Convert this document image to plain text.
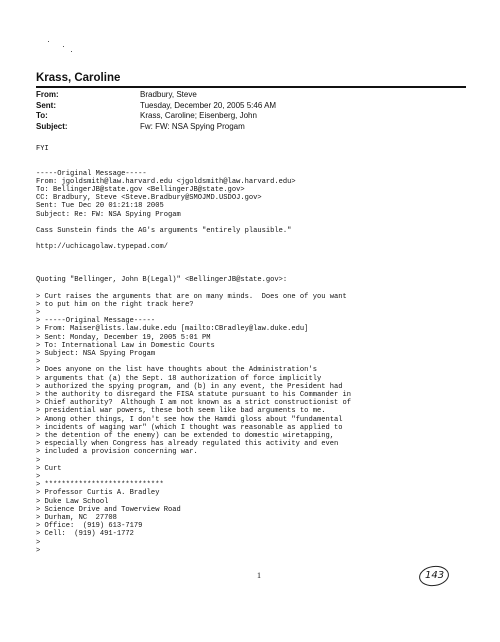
· · ·
Krass, Caroline
From:	Bradbury, Steve
Sent:	Tuesday, December 20, 2005 5:46 AM
To:	Krass, Caroline; Eisenberg, John
Subject:	Fw: FW: NSA Spying Progam
FYI
-----Original Message-----
From: jgoldsmith@law.harvard.edu <jgoldsmith@law.harvard.edu>
To: BellingerJB@state.gov <BellingerJB@state.gov>
CC: Bradbury, Steve <Steve.Bradbury@SMOJMD.USDOJ.gov>
Sent: Tue Dec 20 01:21:18 2005
Subject: Re: FW: NSA Spying Progam
Cass Sunstein finds the AG's arguments "entirely plausible."
http://uchicagolaw.typepad.com/
Quoting "Bellinger, John B(Legal)" <BellingerJB@state.gov>:
> Curt raises the arguments that are on many minds.  Does one of you want
> to put him on the right track here?
>
> -----Original Message-----
> From: Maiser@lists.law.duke.edu [mailto:CBradley@law.duke.edu]
> Sent: Monday, December 19, 2005 5:01 PM
> To: International Law in Domestic Courts
> Subject: NSA Spying Progam
>
> Does anyone on the list have thoughts about the Administration's
> arguments that (a) the Sept. 18 authorization of force implicitly
> authorized the spying program, and (b) in any event, the President had
> the authority to disregard the FISA statute pursuant to his Commander in
> Chief authority?  Although I am not known as a strict constructionist of
> presidential war powers, these both seem like bad arguments to me.
> Among other things, I don't see how the Hamdi gloss about "fundamental
> incidents of waging war" (which I thought was reasonable as applied to
> the detention of the enemy) can be extended to domestic wiretapping,
> especially when Congress has already regulated this activity and even
> included a provision concerning war.
>
> Curt
>
> ****************************
> Professor Curtis A. Bradley
> Duke Law School
> Science Drive and Towerview Road
> Durham, NC  27708
> Office:  (919) 613-7179
> Cell:  (919) 491-1772
>
>
1	143
